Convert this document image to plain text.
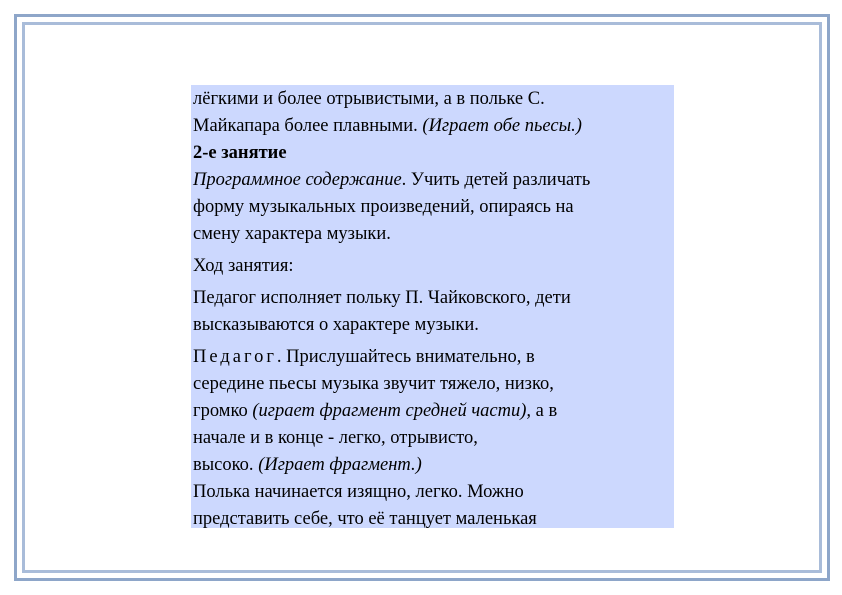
лёгкими и более отрывистыми, а в польке С.
Майкапара более плавными. (Играет обе пьесы.)
2-е занятие
Программное содержание. Учить детей различать
форму музыкальных произведений, опираясь на
смену характера музыки.
Ход занятия:
Педагог исполняет польку П. Чайковского, дети
высказываются о характере музыки.
Педагог. Прислушайтесь внимательно, в
середине пьесы музыка звучит тяжело, низко,
громко (играет фрагмент средней части), а в
начале и в конце - легко, отрывисто,
высоко. (Играет фрагмент.)
Полька начинается изящно, легко. Можно
представить себе, что её танцует маленькая
